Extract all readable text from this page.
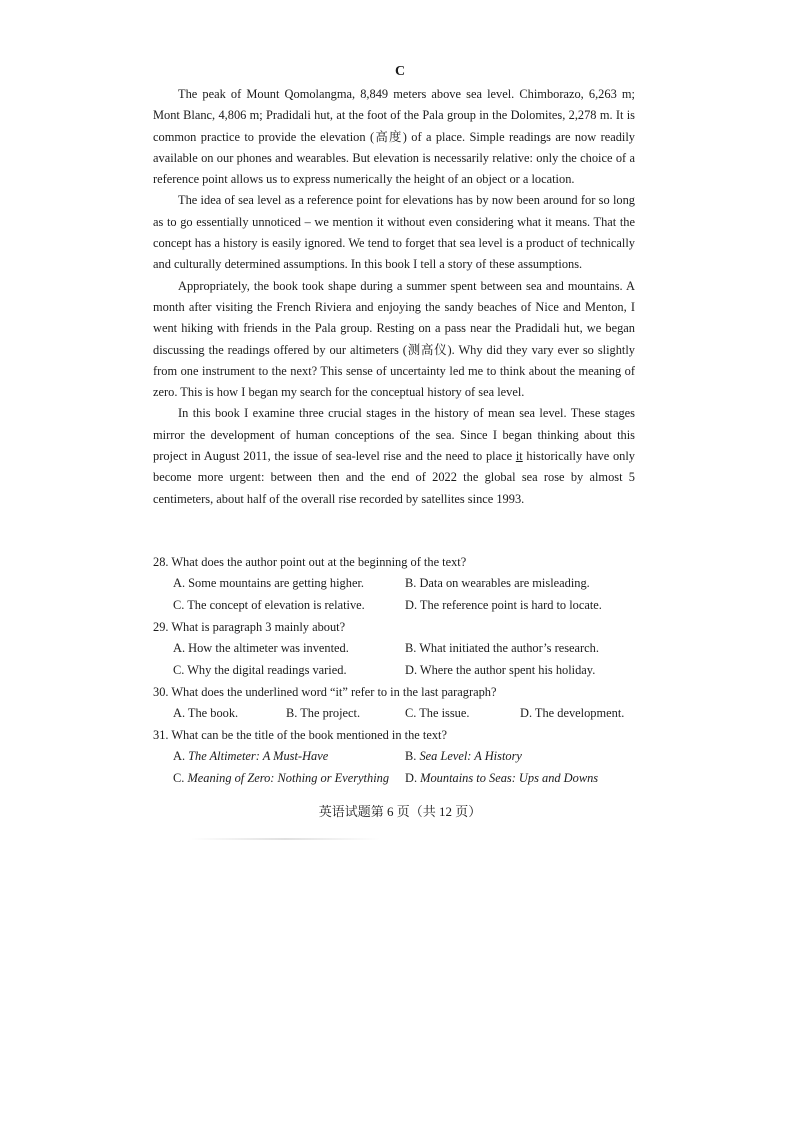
C

The peak of Mount Qomolangma, 8,849 meters above sea level. Chimborazo, 6,263 m; Mont Blanc, 4,806 m; Pradidali hut, at the foot of the Pala group in the Dolomites, 2,278 m. It is common practice to provide the elevation (高度) of a place. Simple readings are now readily available on our phones and wearables. But elevation is necessarily relative: only the choice of a reference point allows us to express numerically the height of an object or a location.

The idea of sea level as a reference point for elevations has by now been around for so long as to go essentially unnoticed – we mention it without even considering what it means. That the concept has a history is easily ignored. We tend to forget that sea level is a product of technically and culturally determined assumptions. In this book I tell a story of these assumptions.

Appropriately, the book took shape during a summer spent between sea and mountains. A month after visiting the French Riviera and enjoying the sandy beaches of Nice and Menton, I went hiking with friends in the Pala group. Resting on a pass near the Pradidali hut, we began discussing the readings offered by our altimeters (测高仪). Why did they vary ever so slightly from one instrument to the next? This sense of uncertainty led me to think about the meaning of zero. This is how I began my search for the conceptual history of sea level.

In this book I examine three crucial stages in the history of mean sea level. These stages mirror the development of human conceptions of the sea. Since I began thinking about this project in August 2011, the issue of sea-level rise and the need to place it historically have only become more urgent: between then and the end of 2022 the global sea rose by almost 5 centimeters, about half of the overall rise recorded by satellites since 1993.

28. What does the author point out at the beginning of the text?
A. Some mountains are getting higher.	B. Data on wearables are misleading.
C. The concept of elevation is relative.	D. The reference point is hard to locate.
29. What is paragraph 3 mainly about?
A. How the altimeter was invented.	B. What initiated the author’s research.
C. Why the digital readings varied.	D. Where the author spent his holiday.
30. What does the underlined word “it” refer to in the last paragraph?
A. The book.	B. The project.	C. The issue.	D. The development.
31. What can be the title of the book mentioned in the text?
A. The Altimeter: A Must-Have	B. Sea Level: A History
C. Meaning of Zero: Nothing or Everything D. Mountains to Seas: Ups and Downs
英语试题第 6 页（共 12 页）
